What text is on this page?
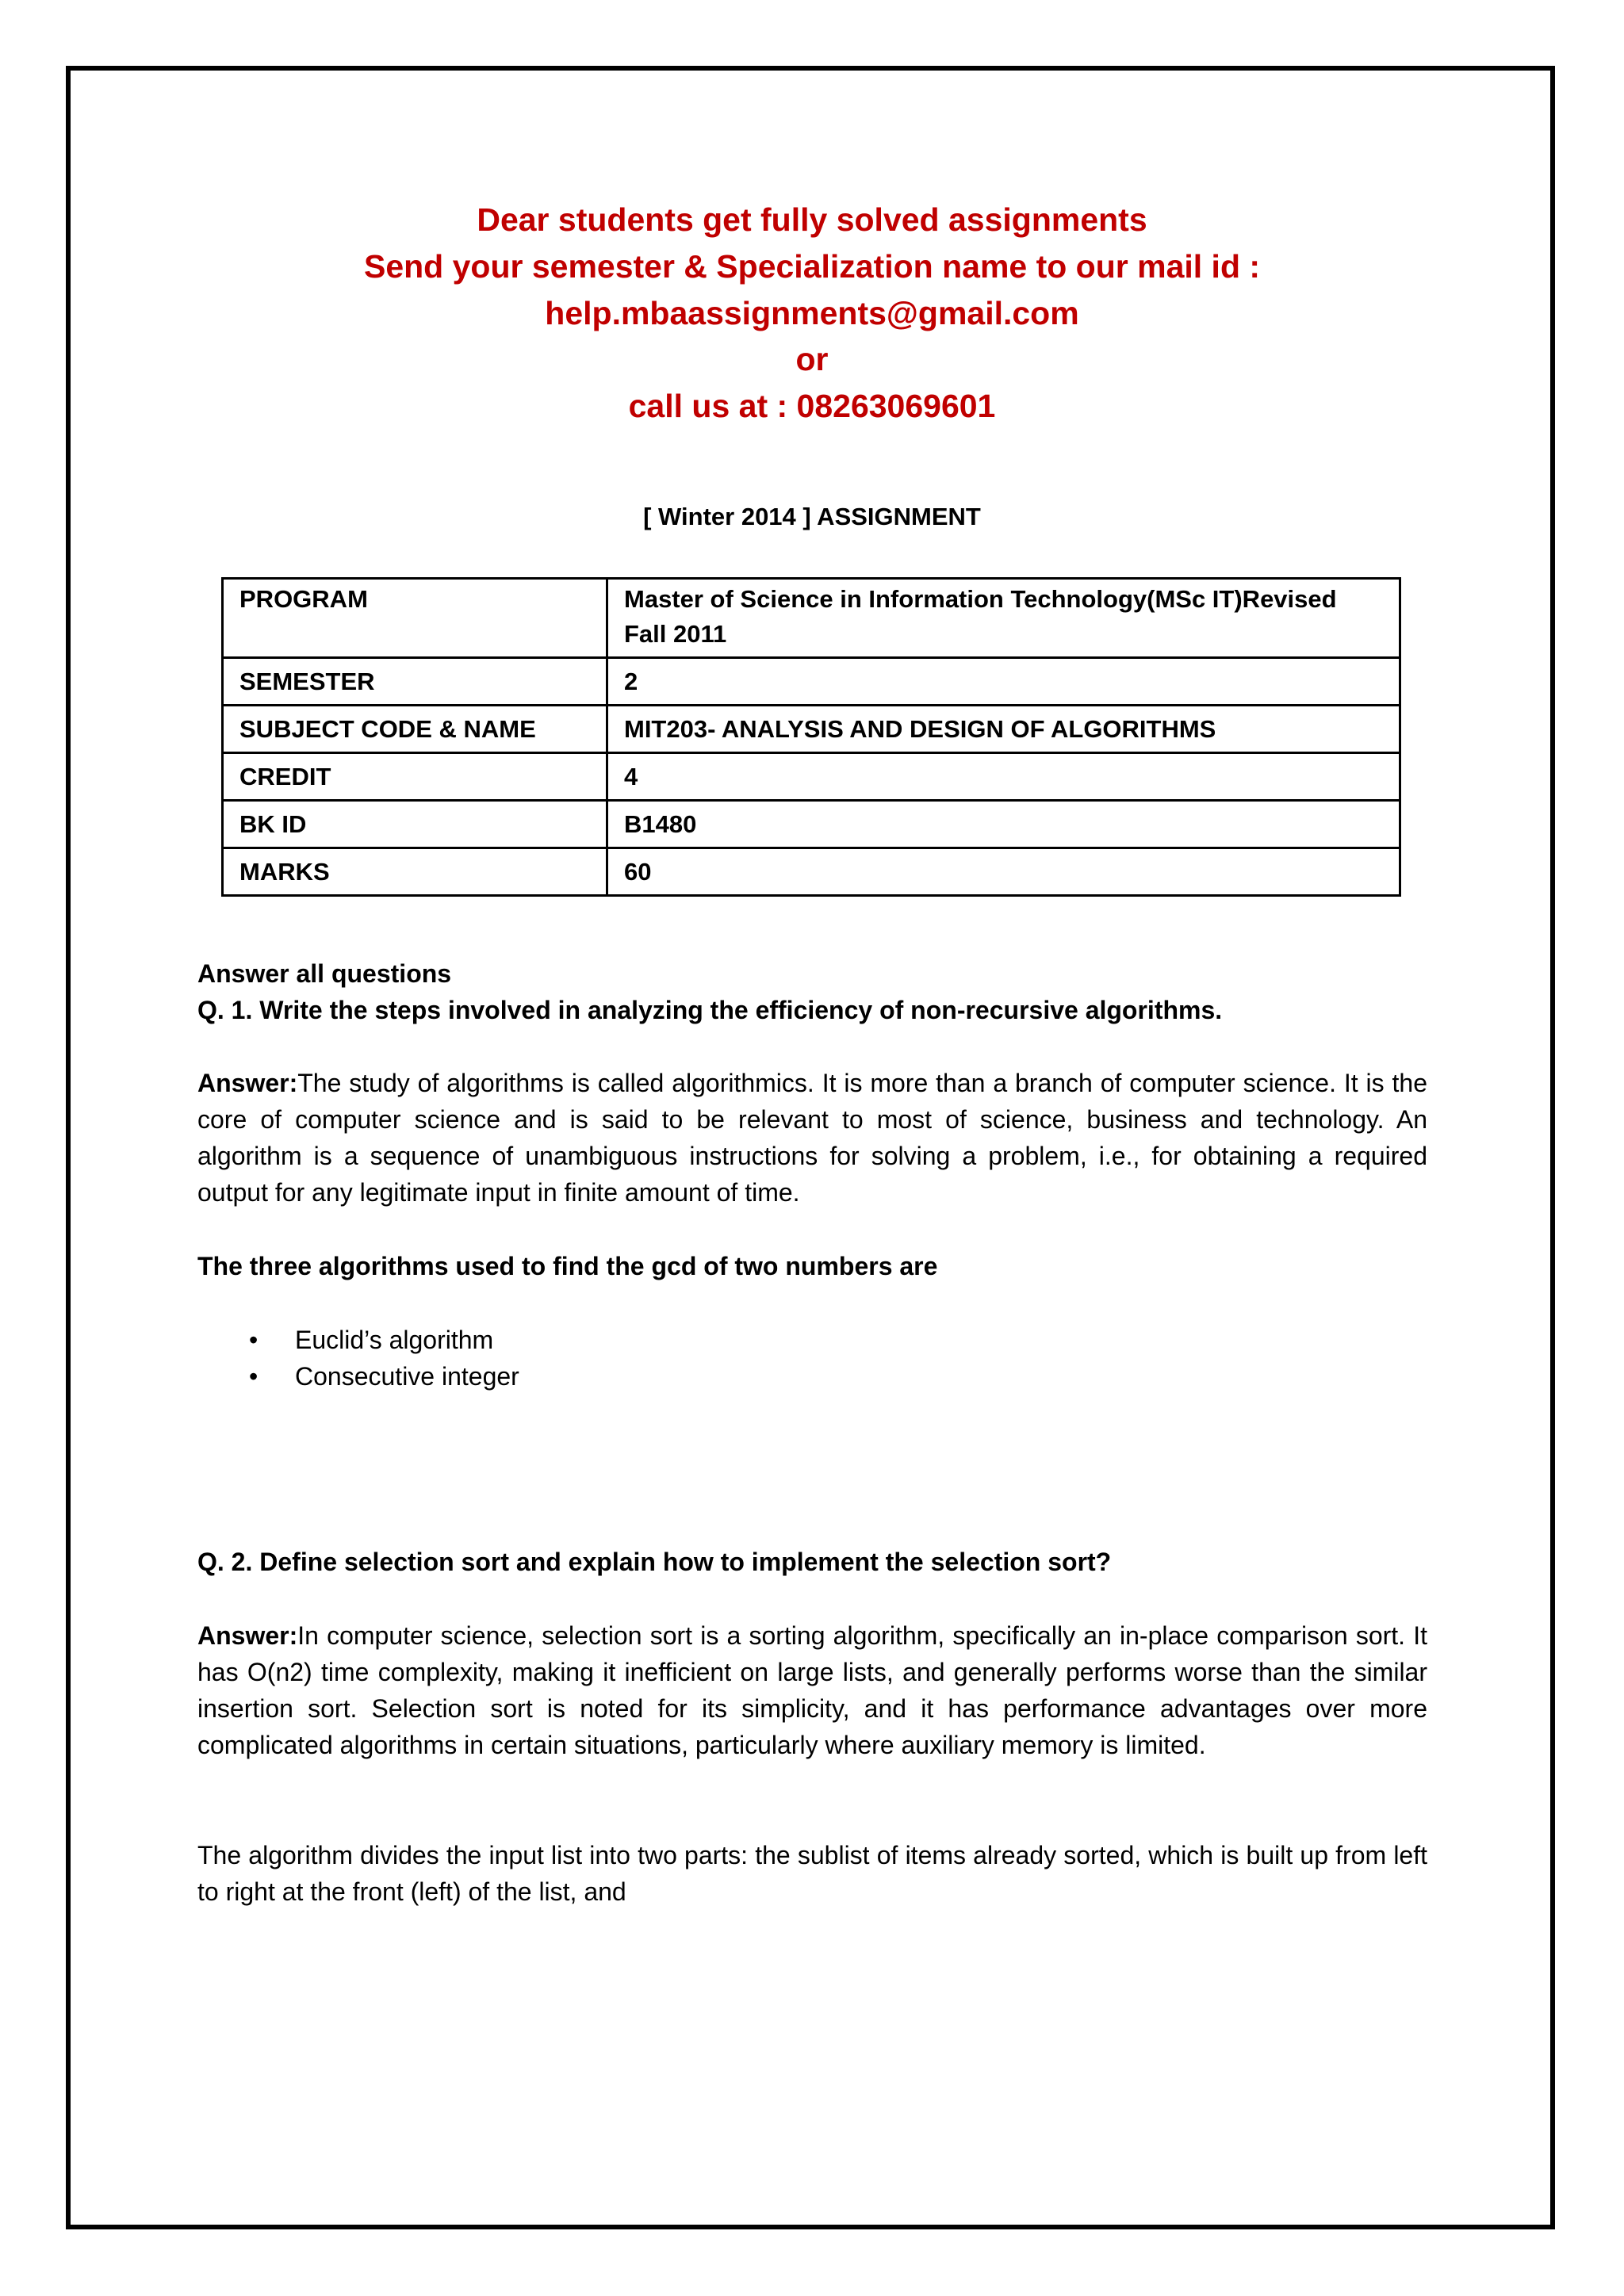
Dear students get fully solved assignments
Send your semester & Specialization name to our mail id :
help.mbaassignments@gmail.com
or
call us at : 08263069601
[ Winter 2014 ] ASSIGNMENT
PROGRAM	Master of Science in Information Technology(MSc IT)Revised Fall 2011
SEMESTER	2
SUBJECT CODE & NAME	MIT203- ANALYSIS AND DESIGN OF ALGORITHMS
CREDIT	4
BK ID	B1480
MARKS	60
Answer all questions
Q. 1. Write the steps involved in analyzing the efficiency of non-recursive algorithms.
Answer:The study of algorithms is called algorithmics. It is more than a branch of computer science. It is the core of computer science and is said to be relevant to most of science, business and technology. An algorithm is a sequence of unambiguous instructions for solving a problem, i.e., for obtaining a required output for any legitimate input in finite amount of time.
The three algorithms used to find the gcd of two numbers are
• Euclid’s algorithm
• Consecutive integer
Q. 2. Define selection sort and explain how to implement the selection sort?
Answer:In computer science, selection sort is a sorting algorithm, specifically an in-place comparison sort. It has O(n2) time complexity, making it inefficient on large lists, and generally performs worse than the similar insertion sort. Selection sort is noted for its simplicity, and it has performance advantages over more complicated algorithms in certain situations, particularly where auxiliary memory is limited.
The algorithm divides the input list into two parts: the sublist of items already sorted, which is built up from left to right at the front (left) of the list, and
